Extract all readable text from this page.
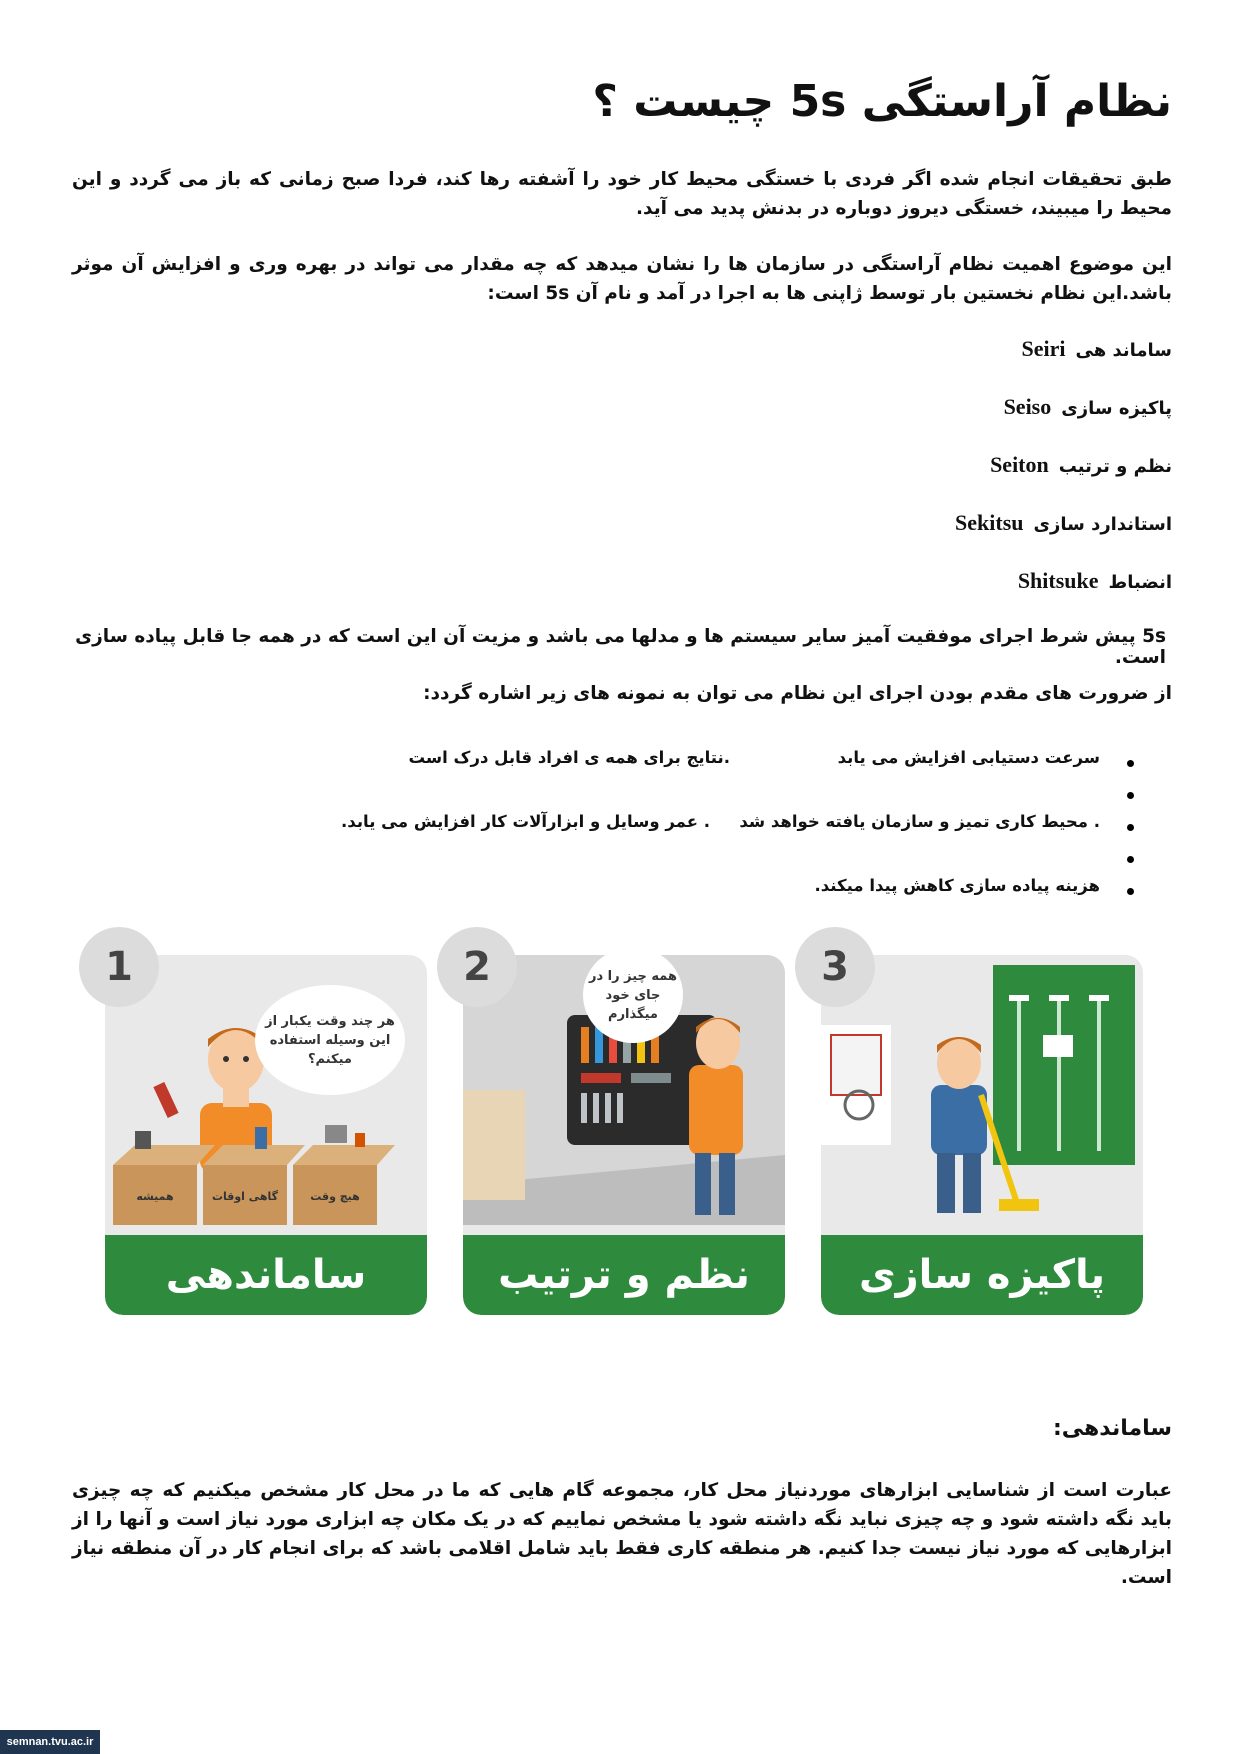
نظام آراستگی 5s چیست ؟

طبق تحقیقات انجام شده اگر فردی با خستگی محیط کار خود را آشفته رها کند، فردا صبح زمانی که باز می گردد و این محیط را میبیند، خستگی دیروز دوباره در بدنش پدید می آید.

این موضوع اهمیت نظام آراستگی در سازمان ها را نشان میدهد که چه مقدار می تواند در بهره وری و افزایش آن موثر باشد.این نظام نخستین بار توسط ژاپنی ها به اجرا در آمد و نام آن 5s است:

ساماند هیSeiri
پاکیزه سازیSeiso
نظم و ترتیبSeiton
استاندارد سازیSekitsu
انضباطShitsuke

5s پیش شرط اجرای موفقیت آمیز سایر سیستم ها و مدلها می باشد و مزیت آن این است که در همه جا قابل پیاده سازی است.

از ضرورت های مقدم بودن اجرای این نظام می توان به نمونه های زیر اشاره گردد:

سرعت دستیابی افزایش می یابد
.نتایج برای همه ی افراد قابل درک است
. محیط کاری تمیز و سازمان یافته خواهد شد
. عمر وسایل و ابزارآلات کار افزایش می یابد.
هزینه پیاده سازی کاهش پیدا میکند.
همیشه	گاهی اوقات	هیچ وقت
هر چند وقت یکبار از این وسیله استفاده میکنم؟
ساماندهی
1	همه چیز را در جای خود میگذارم
نظم و ترتیب
2
پاکیزه سازی
3
ساماندهی:

عبارت است از شناسایی ابزارهای موردنیاز محل کار، مجموعه گام هایی که ما در محل کار مشخص میکنیم که چه چیزی باید نگه داشته شود و چه چیزی نباید نگه داشته شود یا مشخص نماییم که در یک مکان چه ابزاری مورد نیاز است و آنها را از ابزارهایی که مورد نیاز نیست جدا کنیم. هر منطقه کاری فقط باید شامل اقلامی باشد که برای انجام کار در آن منطقه نیاز است.

semnan.tvu.ac.ir
